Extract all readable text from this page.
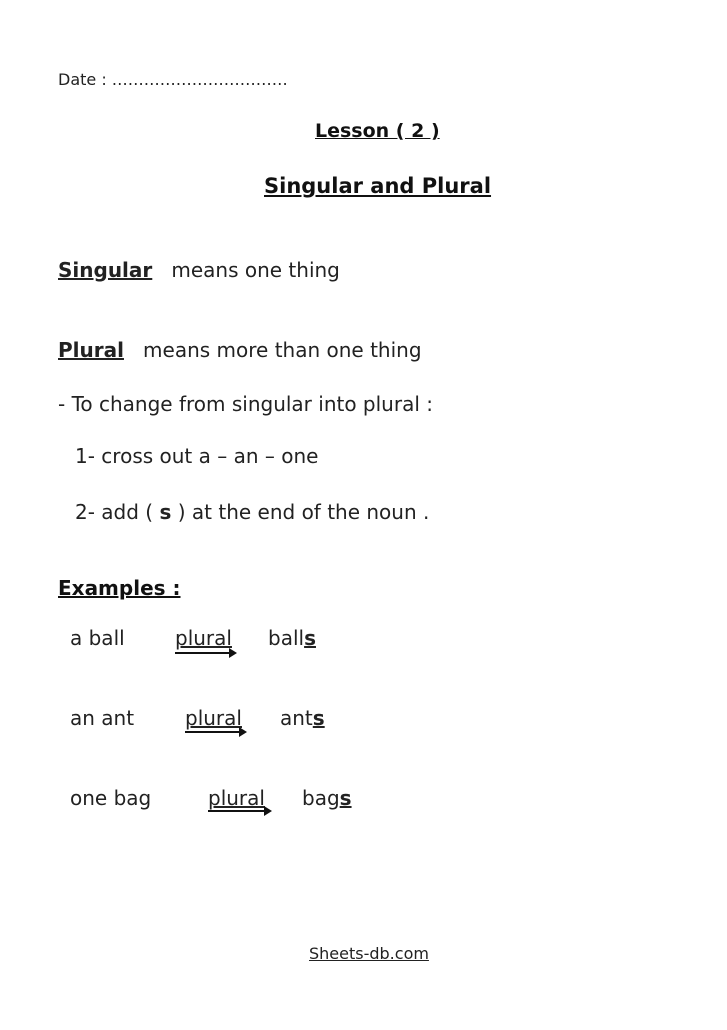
Date : ……………………………
Lesson ( 2 )
Singular and Plural
Singular means one thing
Plural means more than one thing
- To change from singular into plural :
1- cross out a – an – one
2- add ( s ) at the end of the noun .
Examples :
a ball	plural balls
an ant	plural ants
one bag	plural bags
Sheets-db.com
